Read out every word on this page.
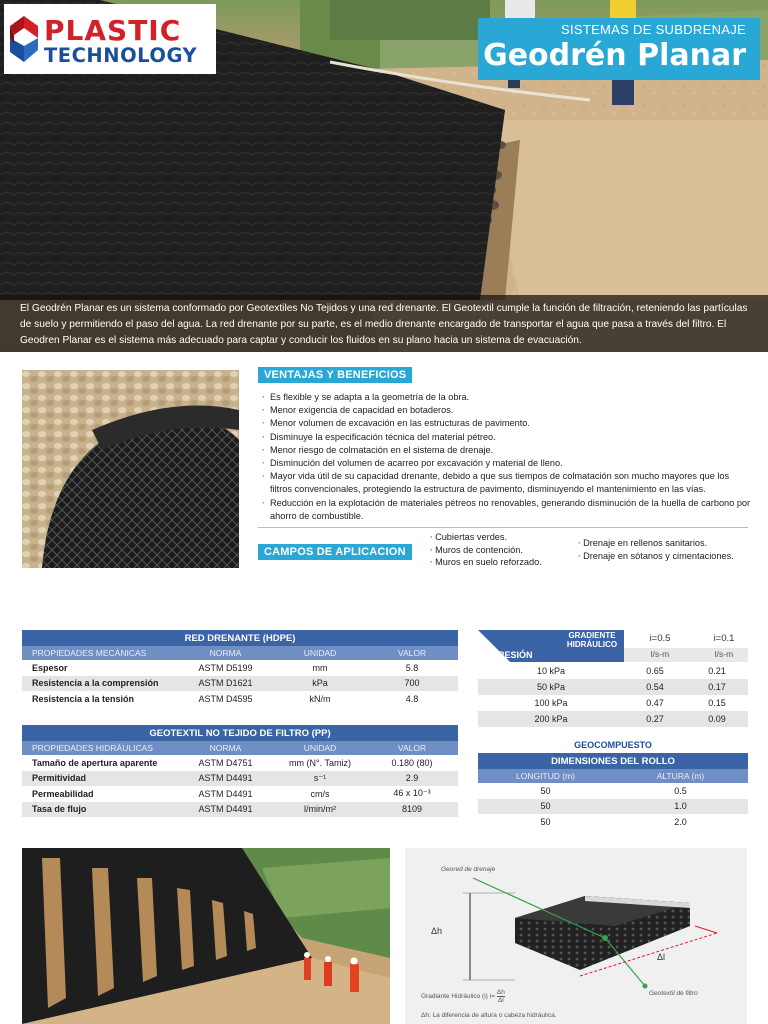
PLASTIC
TECHNOLOGY
SISTEMAS DE SUBDRENAJE
Geodrén Planar

El Geodrén Planar es un sistema conformado por Geotextiles No Tejidos y una red drenante. El Geotextil cumple la función de filtración, reteniendo las partículas de suelo y permitiendo el paso del agua. La red drenante por su parte, es el medio drenante encargado de transportar el agua que pasa a través del filtro. El Geodren Planar es el sistema más adecuado para captar y conducir los fluidos en su plano hacia un sistema de evacuación.

VENTAJAS Y BENEFICIOS
· Es flexible y se adapta a la geometría de la obra.
· Menor exigencia de capacidad en botaderos.
· Menor volumen de excavación en las estructuras de pavimento.
· Disminuye la especificación técnica del material pétreo.
· Menor riesgo de colmatación en el sistema de drenaje.
· Disminución del volumen de acarreo por excavación y material de lleno.
· Mayor vida útil de su capacidad drenante, debido a que sus tiempos de colmatación son mucho mayores que los filtros convencionales, protegiendo la estructura de pavimento, disminuyendo el mantenimiento en las vías.
· Reducción en la explotación de materiales pétreos no renovables, generando disminución de la huella de carbono por ahorro de combustible.
CAMPOS DE APLICACION
· Cubiertas verdes.
· Muros de contención.
· Muros en suelo reforzado.
· Drenaje en rellenos sanitarios.
· Drenaje en sótanos y cimentaciones.
RED DRENANTE (HDPE)			
PROPIEDADES MECÁNICAS	NORMA	UNIDAD	VALOR
Espesor	ASTM D5199	mm	5.8
Resistencia a la comprensión	ASTM D1621	kPa	700
Resistencia a la tensión	ASTM D4595	kN/m	4.8
GEOTEXTIL NO TEJIDO DE FILTRO (PP)			
PROPIEDADES HIDRÁULICAS	NORMA	UNIDAD	VALOR
Tamaño de apertura aparente	ASTM D4751	mm (N°. Tamiz)	0.180 (80)
Permitividad	ASTM D4491	s⁻¹	2.9
Permeabilidad	ASTM D4491	cm/s	46 x 10⁻³
Tasa de flujo	ASTM D4491	l/min/m²	8109
GRADIENTE HIDRÁULICO
PRESIÓN
i=0.5	i=0.1
l/s-m	l/s-m
10 kPa	0.65	0.21
50 kPa	0.54	0.17
100 kPa	0.47	0.15
200 kPa	0.27	0.09
GEOCOMPUESTO
DIMENSIONES DEL ROLLO	
LONGITUD (m)	ALTURA (m)
50	0.5
50	1.0
50	2.0
Geored de drenaje
Δh
Δl
Geotextil de filtro
Gradiante Hidráulico (i) $i= \frac{\Delta h}{\Delta l}$
Δh: La diferencia de altura o cabeza hidráulica.
